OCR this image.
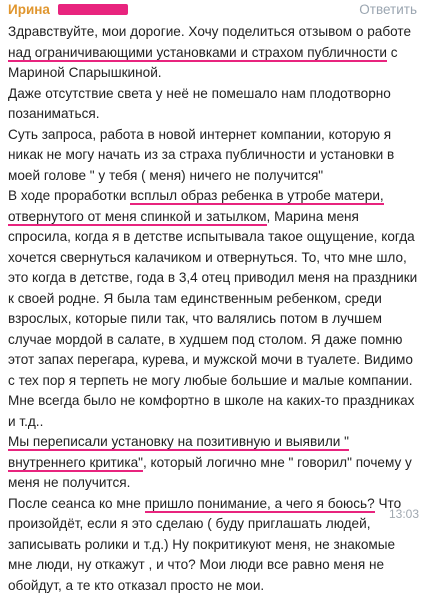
Ирина	Ответить

Здравствуйте, мои дорогие. Хочу поделиться отзывом о работе над ограничивающими установками и страхом публичности с Мариной Спарышкиной.

Даже отсутствие света у неё не помешало нам плодотворно позаниматься.

Суть запроса, работа в новой интернет компании, которую я никак не могу начать из за страха публичности и установки в моей голове " у тебя ( меня) ничего не получится"

В ходе проработки всплыл образ ребенка в утробе матери, отвернутого от меня спинкой и затылком, Марина меня спросила, когда я в детстве испытывала такое ощущение, когда хочется свернуться калачиком и отвернуться. То, что мне шло, это когда в детстве, года в 3,4 отец приводил меня на праздники к своей родне. Я была там единственным ребенком, среди взрослых, которые пили так, что валялись потом в лучшем случае мордой в салате, в худшем под столом. Я даже помню этот запах перегара, курева, и мужской мочи в туалете. Видимо с тех пор я терпеть не могу любые большие и малые компании. Мне всегда было не комфортно в школе на каких-то праздниках и т.д..

Мы переписали установку на позитивную и выявили " внутреннего критика", который логично мне " говорил" почему у меня не получится.

После сеанса ко мне пришло понимание, а чего я боюсь? Что произойдёт, если я это сделаю ( буду приглашать людей, записывать ролики и т.д.) Ну покритикуют меня, не знакомые мне люди, ну откажут , и что? Мои люди все равно меня не обойдут, а те кто отказал просто не мои.

13:03
